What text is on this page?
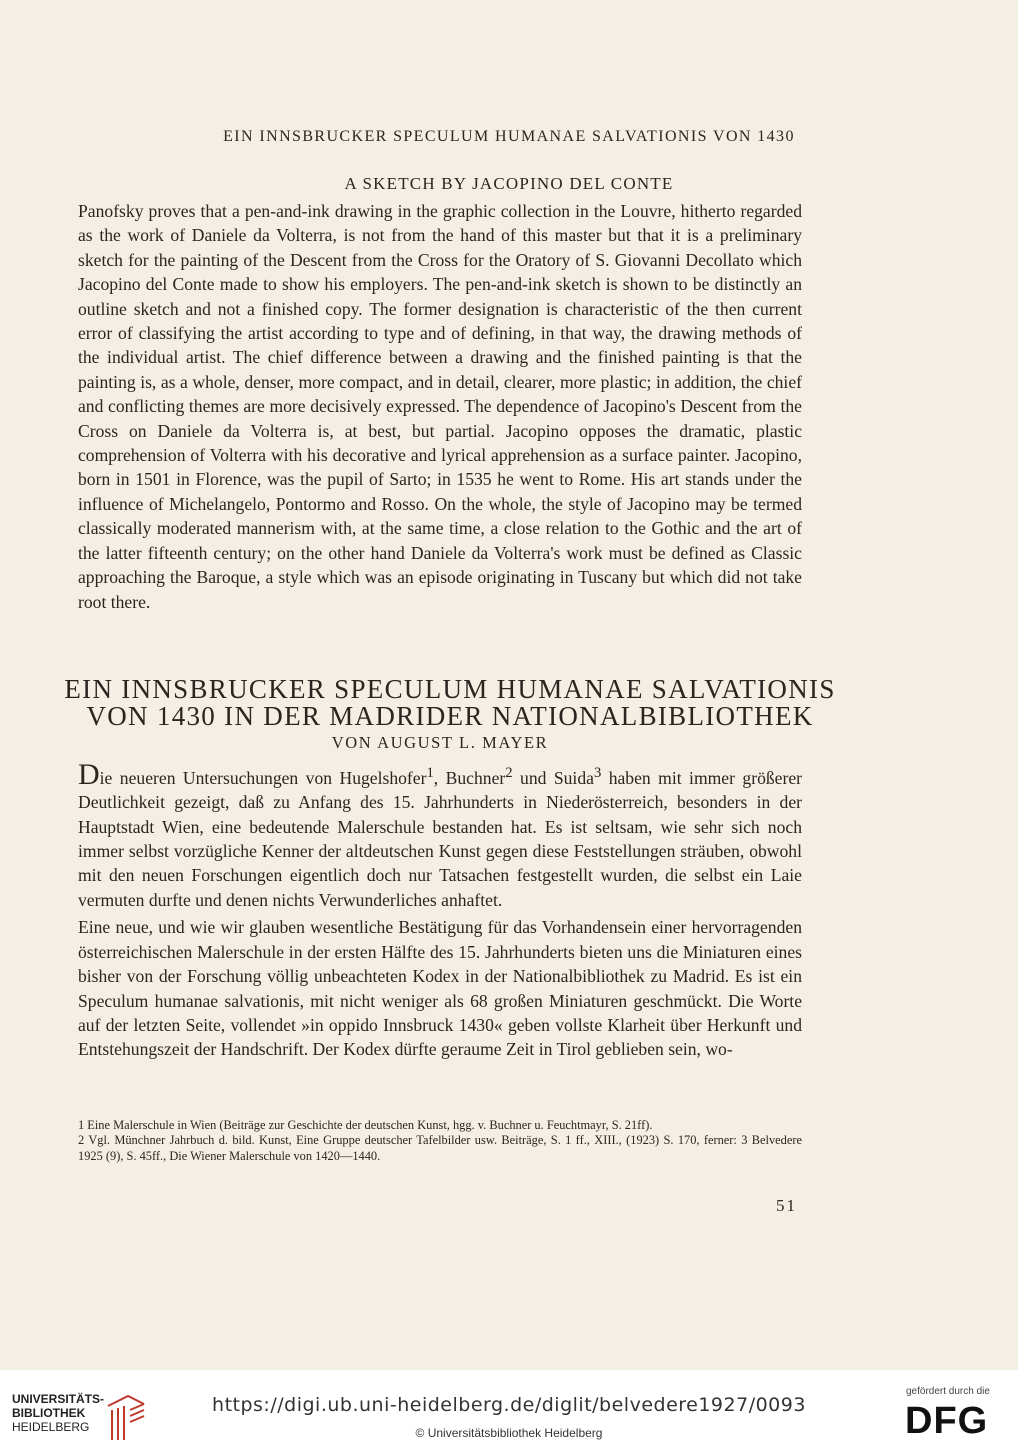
EIN INNSBRUCKER SPECULUM HUMANAE SALVATIONIS VON 1430
A SKETCH BY JACOPINO DEL CONTE

Panofsky proves that a pen-and-ink drawing in the graphic collection in the Louvre, hitherto regarded as the work of Daniele da Volterra, is not from the hand of this master but that it is a preliminary sketch for the painting of the Descent from the Cross for the Oratory of S. Giovanni Decollato which Jacopino del Conte made to show his employers. The pen-and-ink sketch is shown to be distinctly an outline sketch and not a finished copy. The former designation is characteristic of the then current error of classifying the artist according to type and of defining, in that way, the drawing methods of the individual artist. The chief difference between a drawing and the finished painting is that the painting is, as a whole, denser, more compact, and in detail, clearer, more plastic; in addition, the chief and conflicting themes are more decisively expressed. The dependence of Jacopino's Descent from the Cross on Daniele da Volterra is, at best, but partial. Jacopino opposes the dramatic, plastic comprehension of Volterra with his decorative and lyrical apprehension as a surface painter. Jacopino, born in 1501 in Florence, was the pupil of Sarto; in 1535 he went to Rome. His art stands under the influence of Michelangelo, Pontormo and Rosso. On the whole, the style of Jacopino may be termed classically moderated mannerism with, at the same time, a close relation to the Gothic and the art of the latter fifteenth century; on the other hand Daniele da Volterra's work must be defined as Classic approaching the Baroque, a style which was an episode originating in Tuscany but which did not take root there.

EIN INNSBRUCKER SPECULUM HUMANAE SALVATIONIS
VON 1430 IN DER MADRIDER NATIONALBIBLIOTHEK
VON AUGUST L. MAYER

Die neueren Untersuchungen von Hugelshofer$^1$, Buchner$^2$ und Suida$^3$ haben mit immer größerer Deutlichkeit gezeigt, daß zu Anfang des 15. Jahrhunderts in Niederösterreich, besonders in der Hauptstadt Wien, eine bedeutende Malerschule bestanden hat. Es ist seltsam, wie sehr sich noch immer selbst vorzügliche Kenner der altdeutschen Kunst gegen diese Feststellungen sträuben, obwohl mit den neuen Forschungen eigentlich doch nur Tatsachen festgestellt wurden, die selbst ein Laie vermuten durfte und denen nichts Verwunderliches anhaftet.

Eine neue, und wie wir glauben wesentliche Bestätigung für das Vorhandensein einer hervorragenden österreichischen Malerschule in der ersten Hälfte des 15. Jahrhunderts bieten uns die Miniaturen eines bisher von der Forschung völlig unbeachteten Kodex in der Nationalbibliothek zu Madrid. Es ist ein Speculum humanae salvationis, mit nicht weniger als 68 großen Miniaturen geschmückt. Die Worte auf der letzten Seite, vollendet »in oppido Innsbruck 1430« geben vollste Klarheit über Herkunft und Entstehungszeit der Handschrift. Der Kodex dürfte geraume Zeit in Tirol geblieben sein, wo-

1 Eine Malerschule in Wien (Beiträge zur Geschichte der deutschen Kunst, hgg. v. Buchner u. Feuchtmayr, S. 21ff).

2 Vgl. Münchner Jahrbuch d. bild. Kunst, Eine Gruppe deutscher Tafelbilder usw. Beiträge, S. 1 ff., XIII., (1923) S. 170, ferner: 3 Belvedere 1925 (9), S. 45ff., Die Wiener Malerschule von 1420—1440.

51
UNIVERSITÄTS-
BIBLIOTHEK
HEIDELBERG
https://digi.ub.uni-heidelberg.de/diglit/belvedere1927/0093
© Universitätsbibliothek Heidelberg
gefördert durch die
DFG
